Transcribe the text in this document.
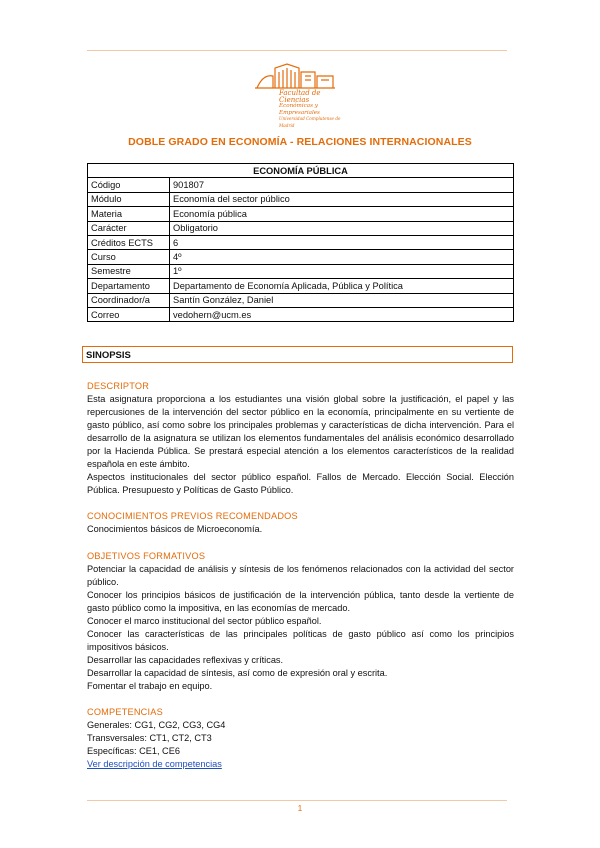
Facultad de Ciencias
Económicas y Empresariales
Universidad Complutense de Madrid
DOBLE GRADO EN ECONOMÍA - RELACIONES INTERNACIONALES
ECONOMÍA PÚBLICA	
Código	901807
Módulo	Economía del sector público
Materia	Economía pública
Carácter	Obligatorio
Créditos ECTS	6
Curso	4º
Semestre	1º
Departamento	Departamento de Economía Aplicada, Pública y Política
Coordinador/a	Santín González, Daniel
Correo	vedohern@ucm.es
SINOPSIS
DESCRIPTOR

Esta asignatura proporciona a los estudiantes una visión global sobre la justificación, el papel y las repercusiones de la intervención del sector público en la economía, principalmente en su vertiente de gasto público, así como sobre los principales problemas y características de dicha intervención. Para el desarrollo de la asignatura se utilizan los elementos fundamentales del análisis económico desarrollado por la Hacienda Pública. Se prestará especial atención a los elementos característicos de la realidad española en este ámbito.

Aspectos institucionales del sector público español. Fallos de Mercado. Elección Social. Elección Pública. Presupuesto y Políticas de Gasto Público.

CONOCIMIENTOS PREVIOS RECOMENDADOS

Conocimientos básicos de Microeconomía.

OBJETIVOS FORMATIVOS

Potenciar la capacidad de análisis y síntesis de los fenómenos relacionados con la actividad del sector público.

Conocer los principios básicos de justificación de la intervención pública, tanto desde la vertiente de gasto público como la impositiva, en las economías de mercado.

Conocer el marco institucional del sector público español.

Conocer las características de las principales políticas de gasto público así como los principios impositivos básicos.

Desarrollar las capacidades reflexivas y críticas.

Desarrollar la capacidad de síntesis, así como de expresión oral y escrita.

Fomentar el trabajo en equipo.

COMPETENCIAS
Generales: CG1, CG2, CG3, CG4
Transversales: CT1, CT2, CT3
Específicas: CE1, CE6
Ver descripción de competencias
1
